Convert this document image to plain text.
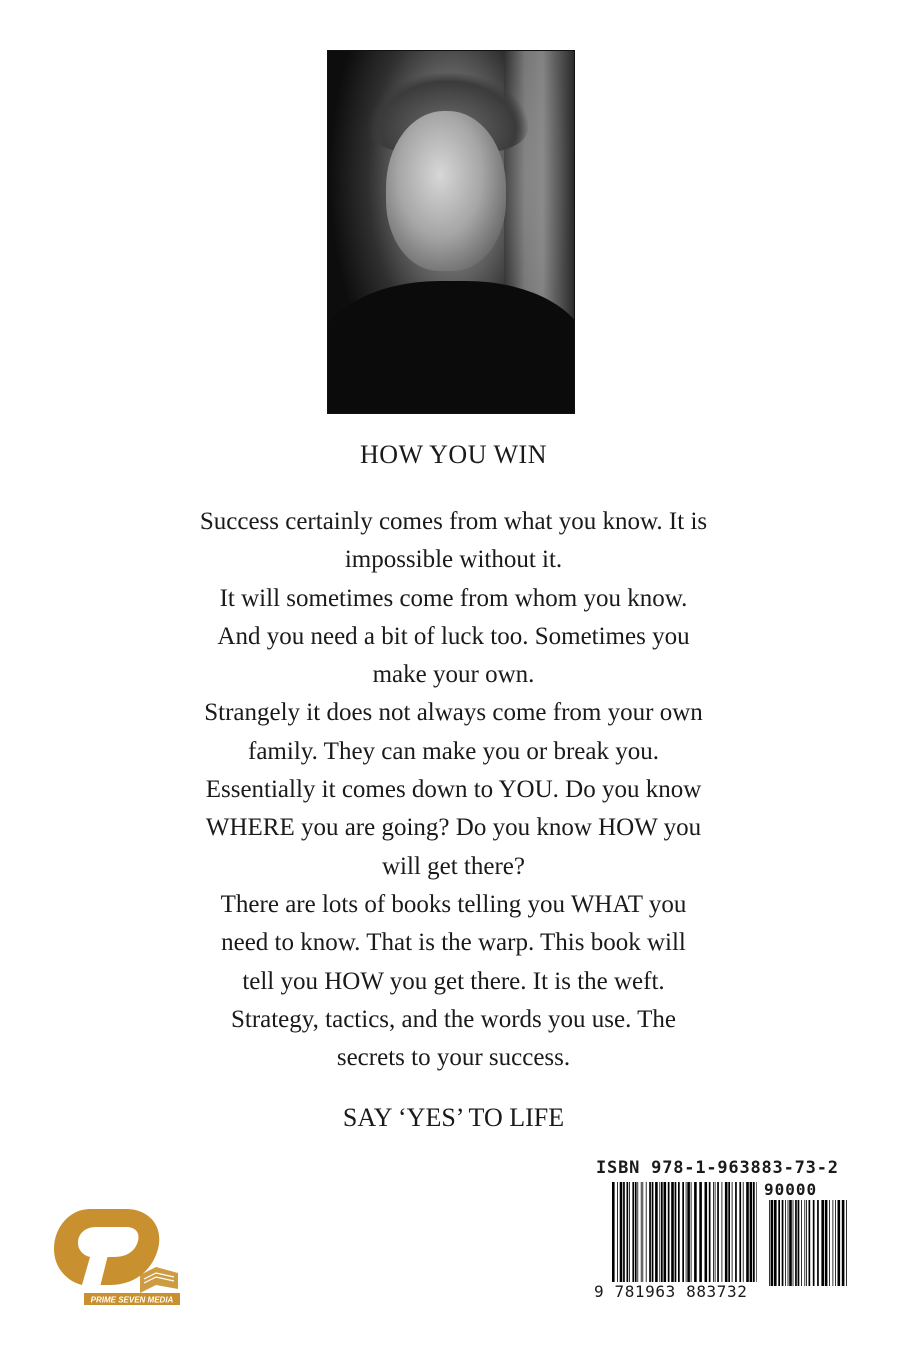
HOW YOU WIN
Success certainly comes from what you know. It is
impossible without it.
It will sometimes come from whom you know.
And you need a bit of luck too. Sometimes you
make your own.
Strangely it does not always come from your own
family. They can make you or break you.
Essentially it comes down to YOU. Do you know
WHERE you are going? Do you know HOW you
will get there?
There are lots of books telling you WHAT you
need to know. That is the warp. This book will
tell you HOW you get there. It is the weft.
Strategy, tactics, and the words you use. The
secrets to your success.
SAY ‘YES’ TO LIFE
ISBN 978-1-963883-73-2
90000
9 781963 883732
PRIME SEVEN MEDIA
